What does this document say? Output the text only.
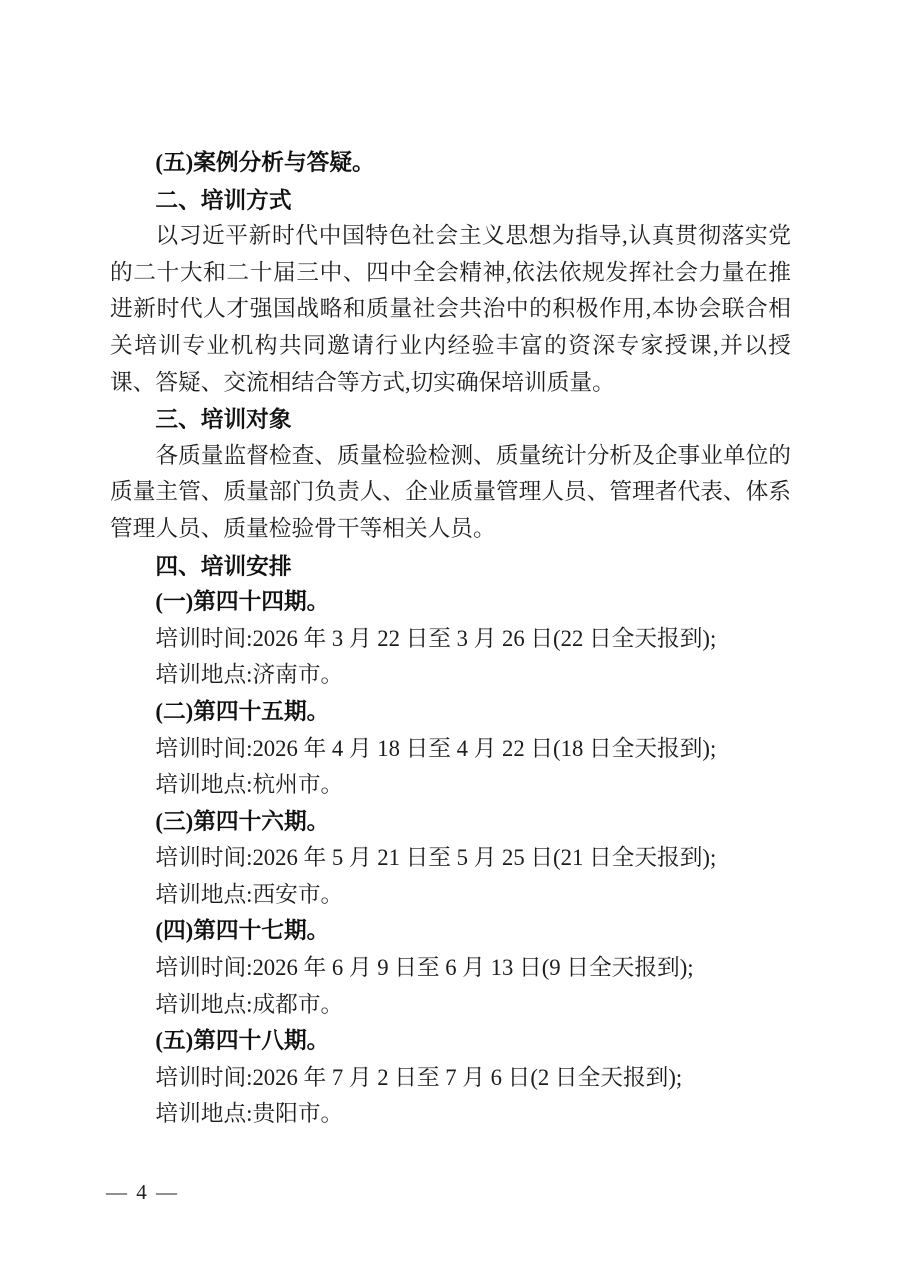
(五)案例分析与答疑。
二、培训方式
以习近平新时代中国特色社会主义思想为指导,认真贯彻落实党
的二十大和二十届三中、四中全会精神,依法依规发挥社会力量在推
进新时代人才强国战略和质量社会共治中的积极作用,本协会联合相
关培训专业机构共同邀请行业内经验丰富的资深专家授课,并以授
课、答疑、交流相结合等方式,切实确保培训质量。
三、培训对象
各质量监督检查、质量检验检测、质量统计分析及企事业单位的
质量主管、质量部门负责人、企业质量管理人员、管理者代表、体系
管理人员、质量检验骨干等相关人员。
四、培训安排
(一)第四十四期。
培训时间:2026 年 3 月 22 日至 3 月 26 日(22 日全天报到);
培训地点:济南市。
(二)第四十五期。
培训时间:2026 年 4 月 18 日至 4 月 22 日(18 日全天报到);
培训地点:杭州市。
(三)第四十六期。
培训时间:2026 年 5 月 21 日至 5 月 25 日(21 日全天报到);
培训地点:西安市。
(四)第四十七期。
培训时间:2026 年 6 月 9 日至 6 月 13 日(9 日全天报到);
培训地点:成都市。
(五)第四十八期。
培训时间:2026 年 7 月 2 日至 7 月 6 日(2 日全天报到);
培训地点:贵阳市。
— 4 —
